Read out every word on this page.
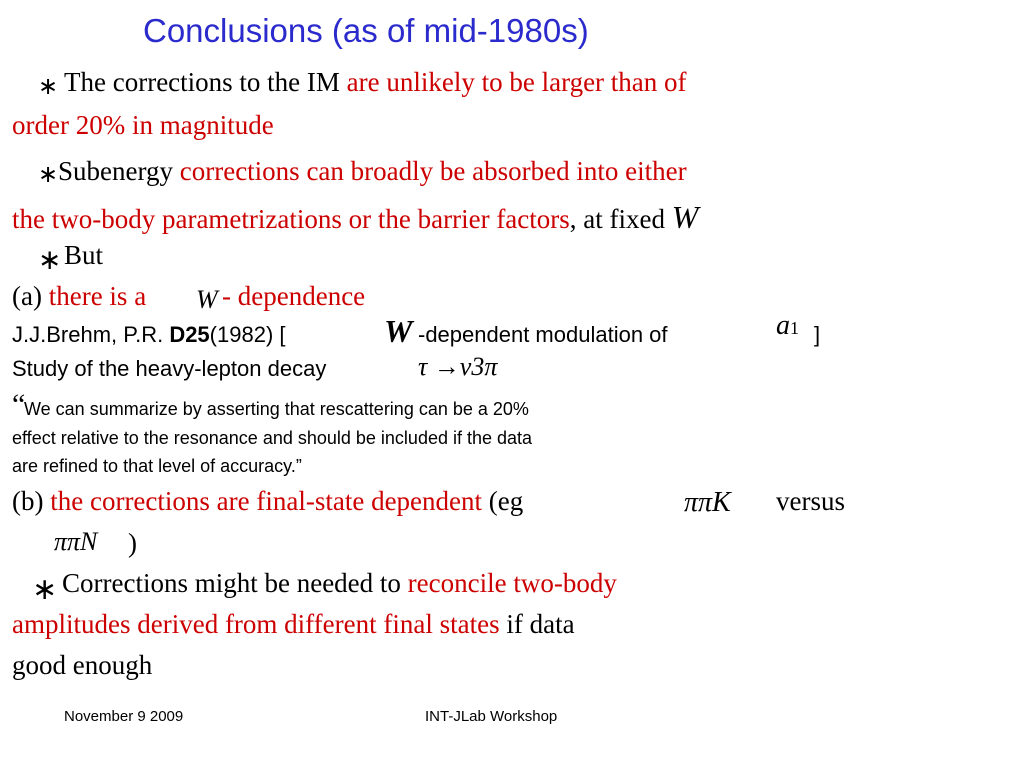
Conclusions (as of mid-1980s)
∗ The corrections to the IM are unlikely to be larger than of
order 20% in magnitude
∗ Subenergy corrections can broadly be absorbed into either
the two-body parametrizations or the barrier factors, at fixed W
∗ But
(a) there is a W - dependence
J.J.Brehm, P.R. D25(1982) [	W -dependent modulation of	a1 ]
Study of the heavy-lepton decay	τ →ν3π
“
We can summarize by asserting that rescattering can be a 20%
effect relative to the resonance and should be included if the data
are refined to that level of accuracy.”
(b) the corrections are final-state dependent (eg	ππK versus
ππN )
∗ Corrections might be needed to reconcile two-body
amplitudes derived from different final states if data
good enough
November 9 2009	INT-JLab Workshop
